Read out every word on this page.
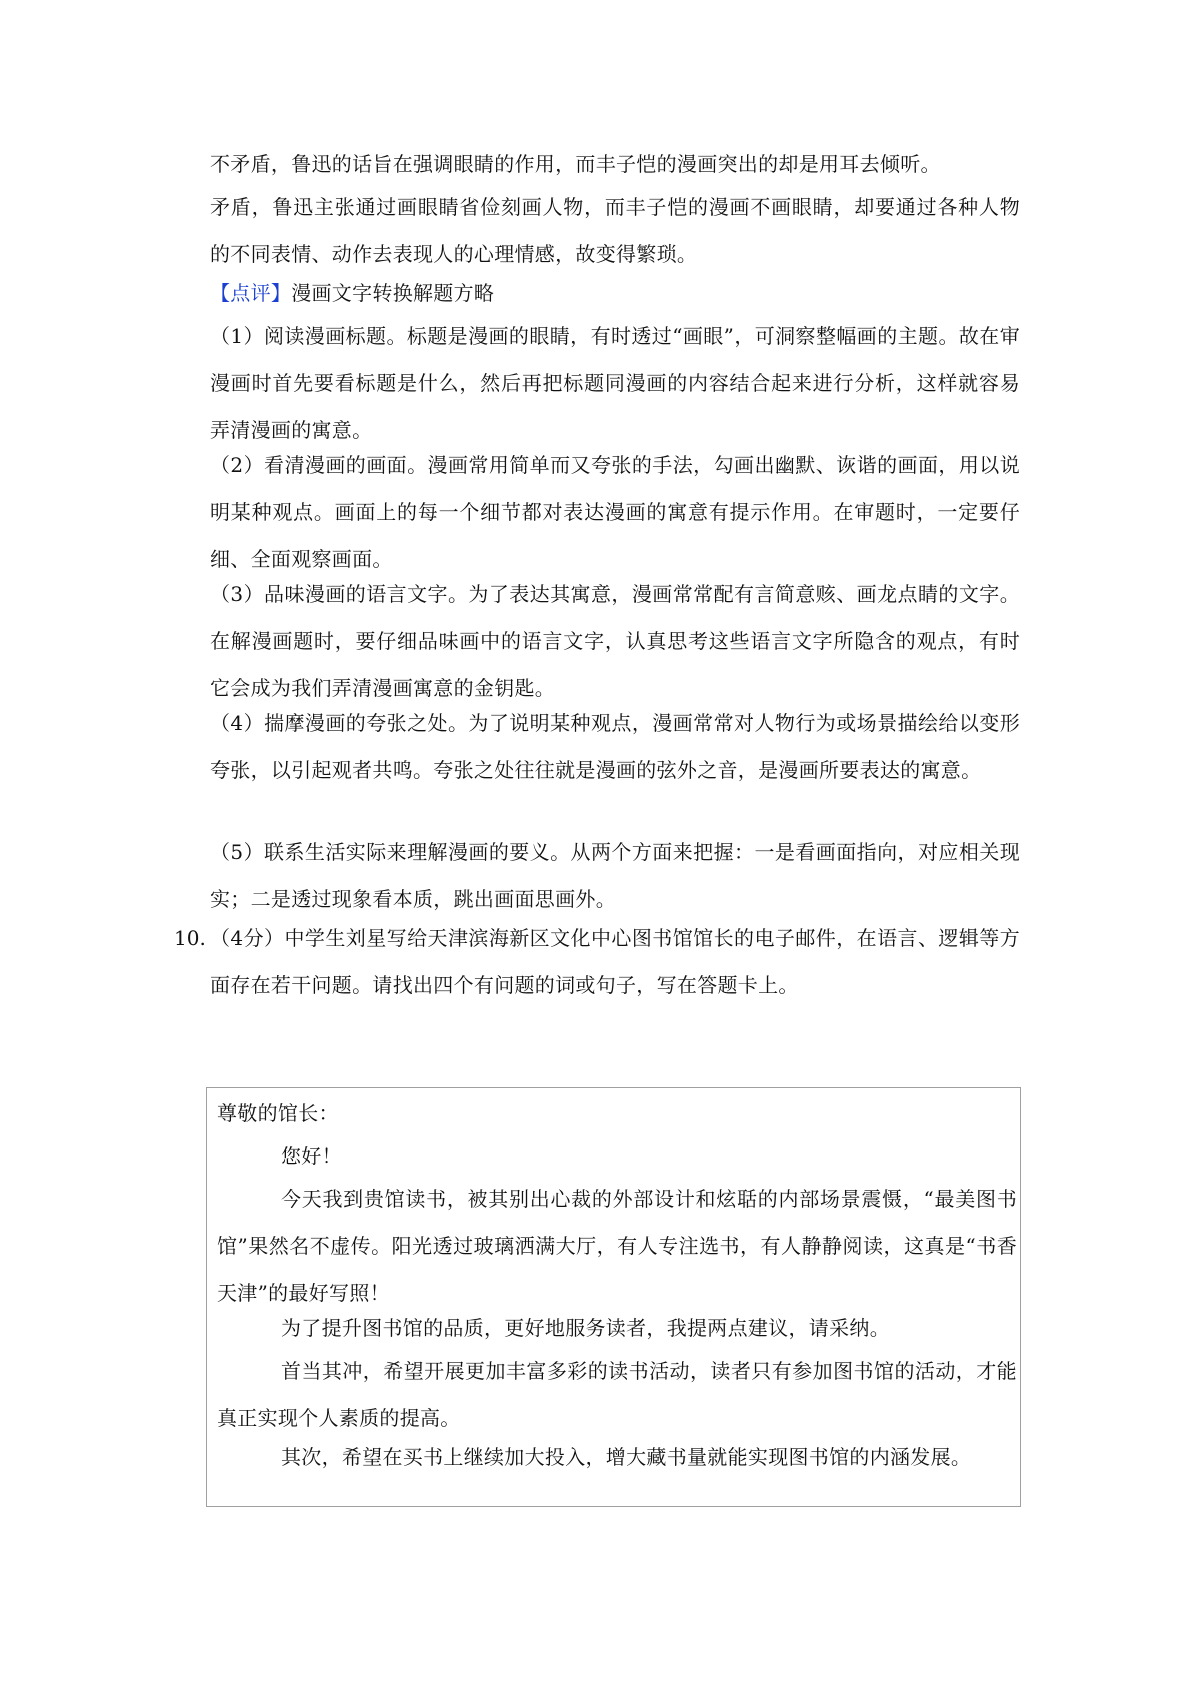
不矛盾，鲁迅的话旨在强调眼睛的作用，而丰子恺的漫画突出的却是用耳去倾听。

矛盾，鲁迅主张通过画眼睛省俭刻画人物，而丰子恺的漫画不画眼睛，却要通过各种人物的不同表情、动作去表现人的心理情感，故变得繁琐。

【点评】漫画文字转换解题方略

（1）阅读漫画标题。标题是漫画的眼睛，有时透过“画眼”，可洞察整幅画的主题。故在审漫画时首先要看标题是什么，然后再把标题同漫画的内容结合起来进行分析，这样就容易弄清漫画的寓意。

（2）看清漫画的画面。漫画常用简单而又夸张的手法，勾画出幽默、诙谐的画面，用以说明某种观点。画面上的每一个细节都对表达漫画的寓意有提示作用。在审题时，一定要仔细、全面观察画面。

（3）品味漫画的语言文字。为了表达其寓意，漫画常常配有言简意赅、画龙点睛的文字。在解漫画题时，要仔细品味画中的语言文字，认真思考这些语言文字所隐含的观点，有时它会成为我们弄清漫画寓意的金钥匙。

（4）揣摩漫画的夸张之处。为了说明某种观点，漫画常常对人物行为或场景描绘给以变形夸张，以引起观者共鸣。夸张之处往往就是漫画的弦外之音，是漫画所要表达的寓意。

（5）联系生活实际来理解漫画的要义。从两个方面来把握：一是看画面指向，对应相关现实；二是透过现象看本质，跳出画面思画外。

10. （4分）中学生刘星写给天津滨海新区文化中心图书馆馆长的电子邮件，在语言、逻辑等方面存在若干问题。请找出四个有问题的词或句子，写在答题卡上。

尊敬的馆长：

您好！

今天我到贵馆读书，被其别出心裁的外部设计和炫聒的内部场景震慑，“最美图书馆”果然名不虚传。阳光透过玻璃洒满大厅，有人专注选书，有人静静阅读，这真是“书香天津”的最好写照！

为了提升图书馆的品质，更好地服务读者，我提两点建议，请采纳。

首当其冲，希望开展更加丰富多彩的读书活动，读者只有参加图书馆的活动，才能真正实现个人素质的提高。

其次，希望在买书上继续加大投入，增大藏书量就能实现图书馆的内涵发展。
